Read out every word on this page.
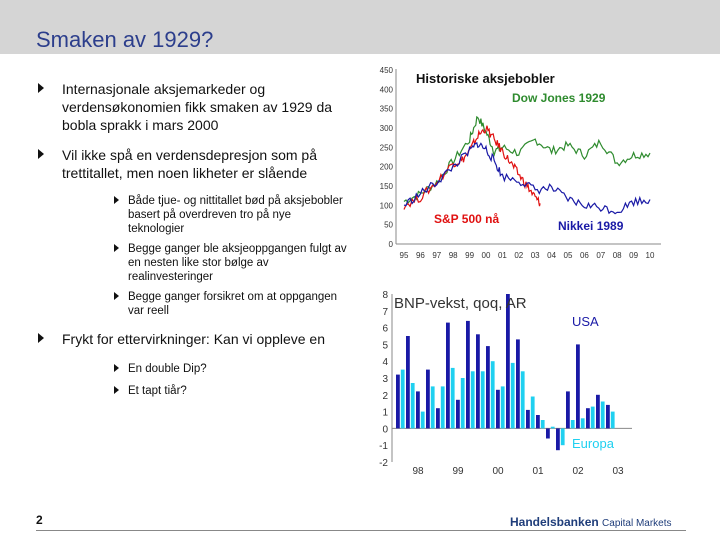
Smaken av 1929?
Internasjonale aksjemarkeder og verdensøkonomien fikk smaken av 1929 da bobla sprakk i mars 2000
Vil ikke spå en verdensdepresjon som på trettitallet, men noen likheter er slående
Både tjue- og nittitallet bød på aksjebobler basert på overdreven tro på nye teknologier
Begge ganger ble aksjeoppgangen fulgt av en nesten like stor bølge av realinvesteringer
Begge ganger forsikret om at oppgangen var reell
Frykt for ettervirkninger: Kan vi oppleve en
En double Dip?
Et tapt tiår?
0
50
100
150
200
250
300
350
400
450
95 96 97 98 99 00 01 02 03 04 05 06 07 08 09 10
Historiske aksjebobler
Dow Jones 1929
S&P 500 nå	Nikkei 1989
-2
-1
0
1
2
3
4
5
6
7
8
98	99	00	01	02	03
BNP-vekst, qoq, AR
USA
Europa
2	Handelsbanken Capital Markets
